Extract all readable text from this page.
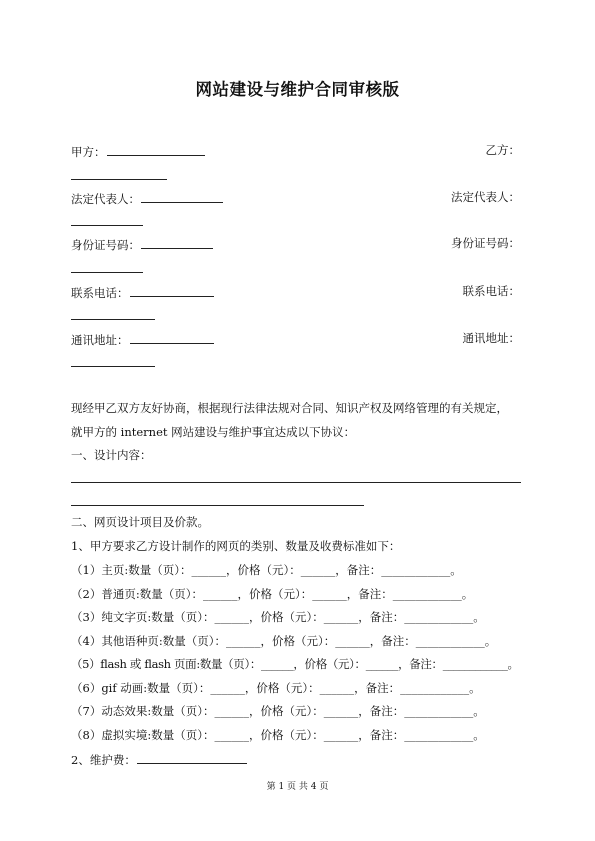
网站建设与维护合同审核版
甲方：	乙方：
法定代表人：	法定代表人：
身份证号码：	身份证号码：
联系电话：	联系电话：
通讯地址：	通讯地址：
现经甲乙双方友好协商，根据现行法律法规对合同、知识产权及网络管理的有关规定，
就甲方的 internet 网站建设与维护事宜达成以下协议：
一、设计内容：
二、网页设计项目及价款。
1、甲方要求乙方设计制作的网页的类别、数量及收费标准如下：
（1）主页:数量（页）：______，价格（元）：______，备注：____________。
（2）普通页:数量（页）：______，价格（元）：______，备注：____________。
（3）纯文字页:数量（页）：______，价格（元）：______，备注：____________。
（4）其他语种页:数量（页）：______，价格（元）：______，备注：____________。
（5）flash 或 flash 页面:数量（页）：______，价格（元）：______，备注：____________。
（6）gif 动画:数量（页）：______，价格（元）：______，备注：____________。
（7）动态效果:数量（页）：______，价格（元）：______，备注：____________。
（8）虚拟实境:数量（页）：______，价格（元）：______，备注：____________。
2、维护费：
第 1 页 共 4 页
